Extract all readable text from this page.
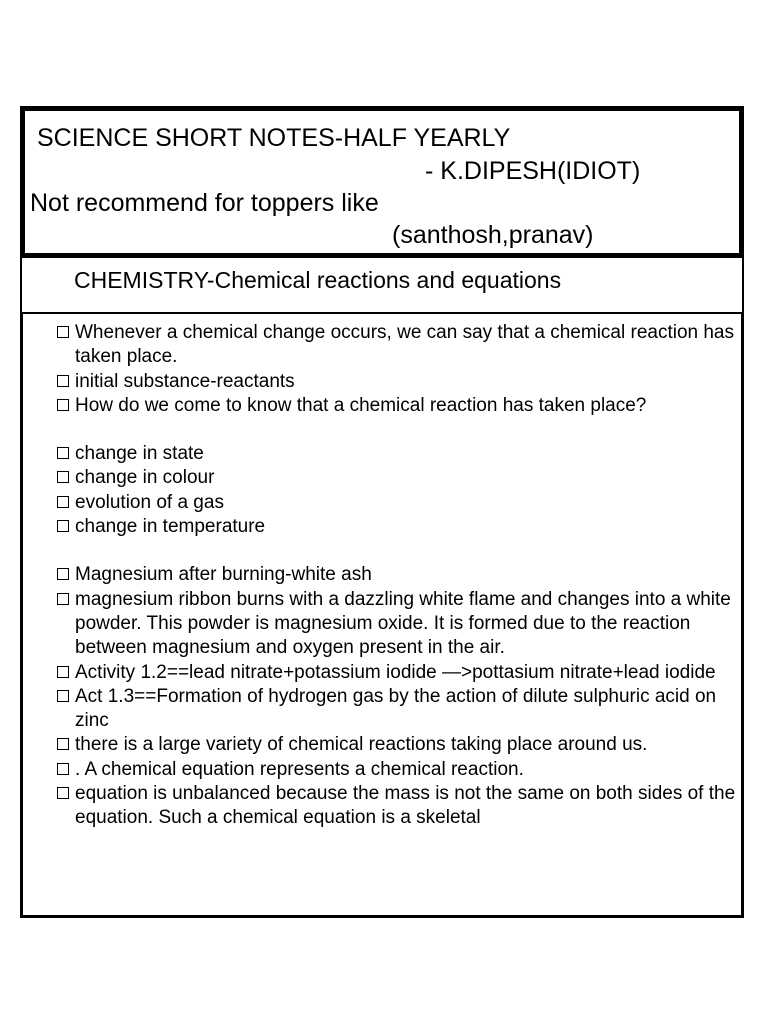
SCIENCE SHORT NOTES-HALF YEARLY
- K.DIPESH(IDIOT)
Not recommend for toppers like
(santhosh,pranav)
CHEMISTRY-Chemical reactions and equations
Whenever a chemical change occurs, we can say that a chemical reaction has taken place.
initial substance-reactants
How do we come to know that a chemical reaction has taken place?
change in state
change in colour
evolution of a gas
change in temperature
Magnesium after burning-white ash
magnesium ribbon burns with a dazzling white flame and changes into a white powder. This powder is magnesium oxide. It is formed due to the reaction between magnesium and oxygen present in the air.
Activity 1.2==lead nitrate+potassium iodide —>pottasium nitrate+lead iodide
Act 1.3==Formation of hydrogen gas by the action of dilute sulphuric acid on zinc
there is a large variety of chemical reactions taking place around us.
. A chemical equation represents a chemical reaction.
equation is unbalanced because the mass is not the same on both sides of the equation. Such a chemical equation is a skeletal
